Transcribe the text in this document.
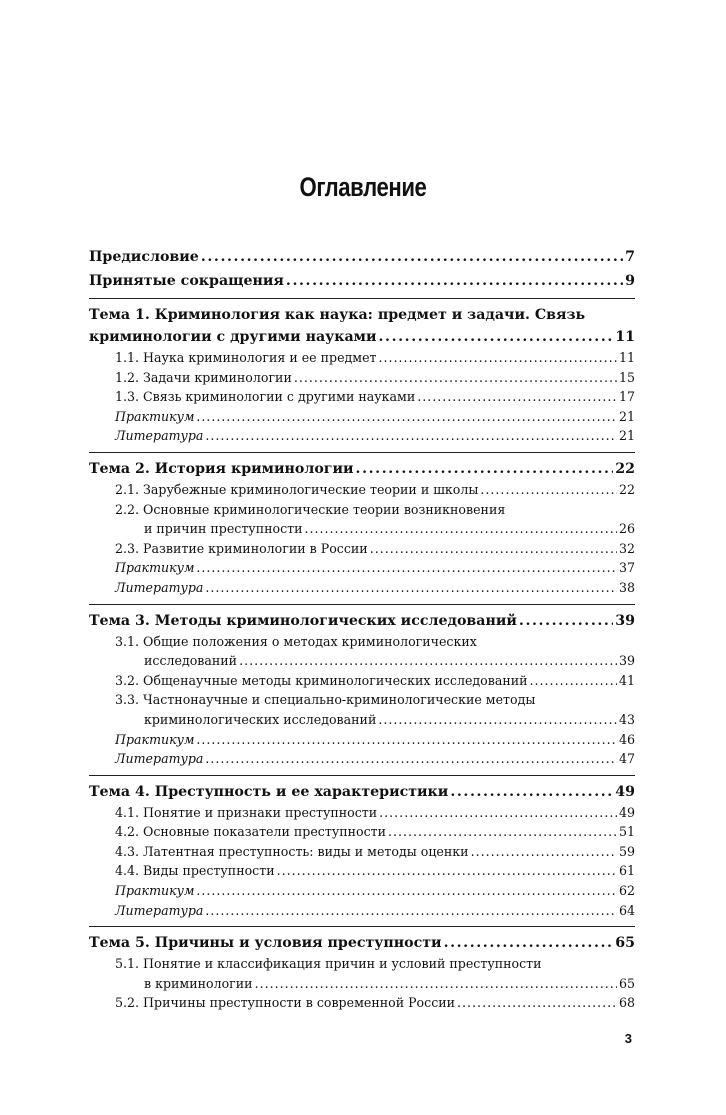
Оглавление
Предисловие .....	7
Принятые сокращения .....	9
Тема 1. Криминология как наука: предмет и задачи. Связь
криминологии с другими науками .....	11
1.1. Наука криминология и ее предмет .....	11
1.2. Задачи криминологии .....	15
1.3. Связь криминологии с другими науками .....	17
Практикум .....	21
Литература .....	21
Тема 2. История криминологии .....	22
2.1. Зарубежные криминологические теории и школы .....	22
2.2. Основные криминологические теории возникновения
и причин преступности .....	26
2.3. Развитие криминологии в России .....	32
Практикум .....	37
Литература .....	38
Тема 3. Методы криминологических исследований .....	39
3.1. Общие положения о методах криминологических
исследований .....	39
3.2. Общенаучные методы криминологических исследований .....	41
3.3. Частнонаучные и специально-криминологические методы
криминологических исследований .....	43
Практикум .....	46
Литература .....	47
Тема 4. Преступность и ее характеристики .....	49
4.1. Понятие и признаки преступности .....	49
4.2. Основные показатели преступности .....	51
4.3. Латентная преступность: виды и методы оценки .....	59
4.4. Виды преступности .....	61
Практикум .....	62
Литература .....	64
Тема 5. Причины и условия преступности .....	65
5.1. Понятие и классификация причин и условий преступности
в криминологии .....	65
5.2. Причины преступности в современной России .....	68
3
